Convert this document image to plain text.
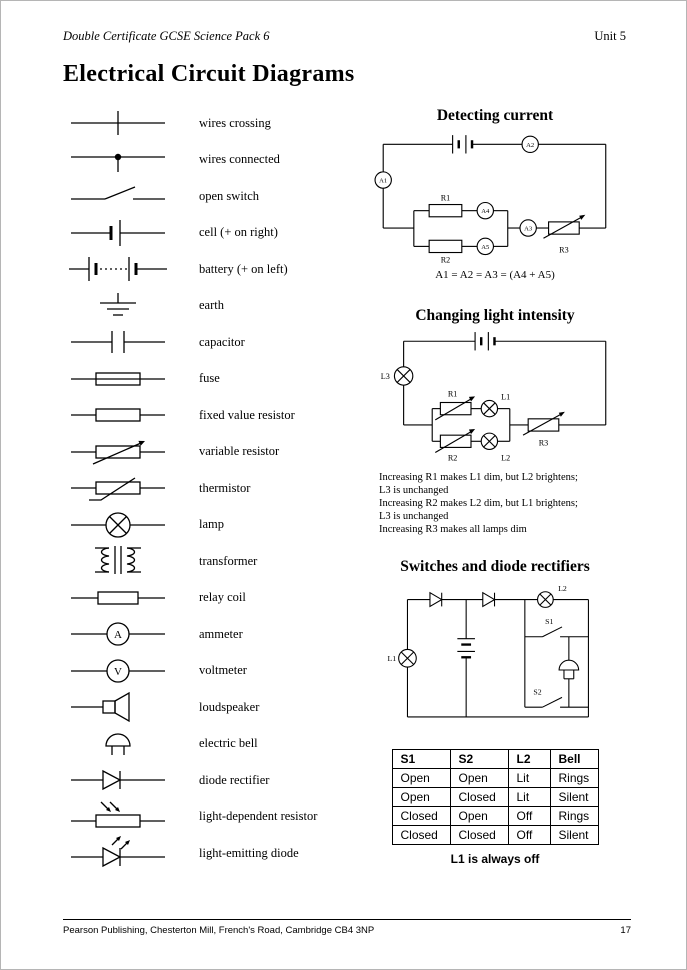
Double Certificate GCSE Science Pack 6	Unit 5
Electrical Circuit Diagrams
wires crossing
wires connected
open switch
cell (+ on right)
battery (+ on left)
earth
capacitor
fuse
fixed value resistor
variable resistor
thermistor
lamp
transformer
relay coil
A	ammeter
V	voltmeter
loudspeaker
electric bell
diode rectifier
light-dependent resistor
light-emitting diode
Detecting current
A2
A1
R1
A4
R2
A5
A3
R3
A1 = A2 = A3 = (A4 + A5)
Changing light intensity
L3
R1	L1
R2	L2
R3
Increasing R1 makes L1 dim, but L2 brightens;
L3 is unchanged
Increasing R2 makes L2 dim, but L1 brightens;
L3 is unchanged
Increasing R3 makes all lamps dim
Switches and diode rectifiers
L1
L2
S1
S2
S1	S2	L2	Bell
Open	Open	Lit	Rings
Open	Closed	Lit	Silent
Closed	Open	Off	Rings
Closed	Closed	Off	Silent
L1 is always off
Pearson Publishing, Chesterton Mill, French's Road, Cambridge CB4 3NP	17
